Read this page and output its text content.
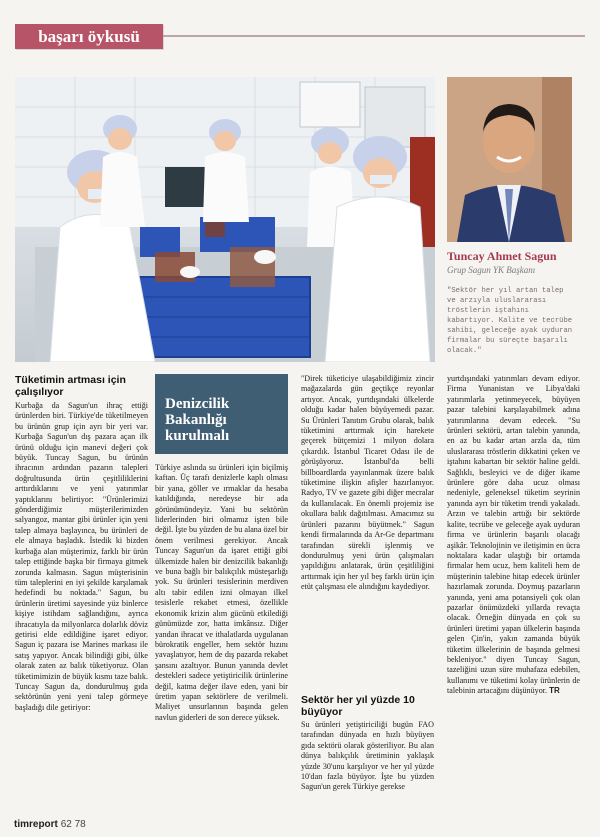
başarı öykusü
Tuncay Ahmet Sagun
Grup Sagun YK Başkanı
"Sektör her yıl artan talep ve arzıyla uluslararası tröstlerin iştahını kabartıyor. Kalite ve tecrübe sahibi, geleceğe ayak uyduran firmalar bu süreçte başarılı olacak."
Tüketimin artması için çalışılıyor
Kurbağa da Sagun'un ihraç ettiği ürünlerden biri. Türkiye'de tüketilmeyen bu ürünün grup için ayrı bir yeri var. Kurbağa Sagun'un dış pazara açan ilk ürünü olduğu için manevi değeri çok büyük. Tuncay Sagun, bu ürünün ihracının ardından pazarın talepleri doğrultusunda ürün çeşitliliklerini arttırdıklarını ve yeni yatırımlar yaptıklarını belirtiyor: "Ürünlerimizi gönderdiğimiz müşterilerimizden salyangoz, mantar gibi ürünler için yeni talep almaya başlayınca, bu ürünleri de ele almaya başladık. İstedik ki bizden kurbağa alan müşterimiz, farklı bir ürün talep ettiğinde başka bir firmaya gitmek zorunda kalmasın. Sagun müşterisinin tüm taleplerini en iyi şekilde karşılamak hedefindi bu noktada." Sagun, bu ürünlerin üretimi sayesinde yüz binlerce kişiye istihdam sağlandığını, ayrıca ihracatıyla da milyonlarca dolarlık döviz getirisi elde edildiğine işaret ediyor. Sagun iç pazara ise Marines markası ile satış yapıyor. Ancak bilindiği gibi, ülke olarak zaten az balık tüketiyoruz. Olan tüketimimizin de büyük kısmı taze balık. Tuncay Sagun da, dondurulmuş gıda sektörünün yeni yeni talep görmeye başladığı dile getiriyor:
Denizcilik Bakanlığı kurulmalı
Türkiye aslında su ürünleri için biçilmiş kaftan. Üç tarafı denizlerle kaplı olması bir yana, göller ve ırmaklar da hesaba katıldığında, neredeyse bir ada görünümündeyiz. Yani bu sektörün liderlerinden biri olmamız işten bile değil. İşte bu yüzden de bu alana özel bir önem verilmesi gerekiyor. Ancak Tuncay Sagun'un da işaret ettiği gibi ülkemizde halen bir denizcilik bakanlığı ve buna bağlı bir balıkçılık müsteşarlığı yok. Su ürünleri tesislerinin merdiven altı tabir edilen izni olmayan ilkel tesislerle rekabet etmesi, özellikle ekonomik krizin alım gücünü etkilediği günümüzde zor, hatta imkânsız. Diğer yandan ihracat ve ithalatlarda uygulanan bürokratik engeller, hem sektör hızını yavaşlatıyor, hem de dış pazarda rekabet şansını azaltıyor. Bunun yanında devlet destekleri sadece yetiştiricilik ürünlerine değil, katma değer ilave eden, yani bir üretim yapan sektörlere de verilmeli. Maliyet unsurlarının başında gelen navlun giderleri de son derece yüksek.
"Direk tüketiciye ulaşabildiğimiz zincir mağazalarda gün geçtikçe reyonlar artıyor. Ancak, yurtdışındaki ülkelerde olduğu kadar halen büyüyemedi pazar. Su Ürünleri Tanıtım Grubu olarak, balık tüketimini arttırmak için harekete geçerek bütçemizi 1 milyon dolara çıkardık. İstanbul Ticaret Odası ile de görüşüyoruz. İstanbul'da belli billboardlarda yayınlanmak üzere balık tüketimine ilişkin afişler hazırlanıyor. Radyo, TV ve gazete gibi diğer mecralar da kullanılacak. En önemli projemiz ise okullara balık dağıtılması. Amacımız su ürünleri pazarını büyütmek." Sagun kendi firmalarında da Ar-Ge departmanı tarafından sürekli işlenmiş ve dondurulmuş yeni ürün çalışmaları yapıldığını anlatarak, ürün çeşitliliğini arttırmak için her yıl beş farklı ürün için etüt çalışması ele alındığını kaydediyor.
Sektör her yıl yüzde 10 büyüyor
Su ürünleri yetiştiriciliği bugün FAO tarafından dünyada en hızlı büyüyen gıda sektörü olarak gösteriliyor. Bu alan dünya balıkçılık üretiminin yaklaşık yüzde 30'unu karşılıyor ve her yıl yüzde 10'dan fazla büyüyor. İşte bu yüzden Sagun'un gerek Türkiye gerekse
yurtdışındaki yatırımları devam ediyor. Firma Yunanistan ve Libya'daki yatırımlarla yetinmeyecek, büyüyen pazar talebini karşılayabilmek adına yatırımlarına devam edecek. "Su ürünleri sektörü, artan talebin yanında, en az bu kadar artan arzla da, tüm uluslararası tröstlerin dikkatini çeken ve iştahını kabartan bir sektör haline geldi. Sağlıklı, besleyici ve de diğer ikame ürünlere göre daha ucuz olması nedeniyle, geleneksel tüketim seyrinin yanında ayrı bir tüketim trendi yakaladı. Arzın ve talebin arttığı bir sektörde kalite, tecrübe ve geleceğe ayak uyduran firma ve ürünlerin başarılı olacağı aşikâr. Teknolojinin ve iletişimin en ücra noktalara kadar ulaştığı bir ortamda firmalar hem ucuz, hem kaliteli hem de müşterinin talebine hitap edecek ürünler hazırlamak zorunda. Doymuş pazarların yanında, yeni ama potansiyeli çok olan pazarlar önümüzdeki yıllarda revaçta olacak. Örneğin dünyada en çok su ürünleri üretimi yapan ülkelerin başında gelen Çin'in, yakın zamanda büyük tüketim ülkelerinin de başında gelmesi bekleniyor." diyen Tuncay Sagun, tazeliğini uzun süre muhafaza edebilen, kullanımı ve tüketimi kolay ürünlerin de talebinin artacağını düşünüyor. TR
timreport 62 78
